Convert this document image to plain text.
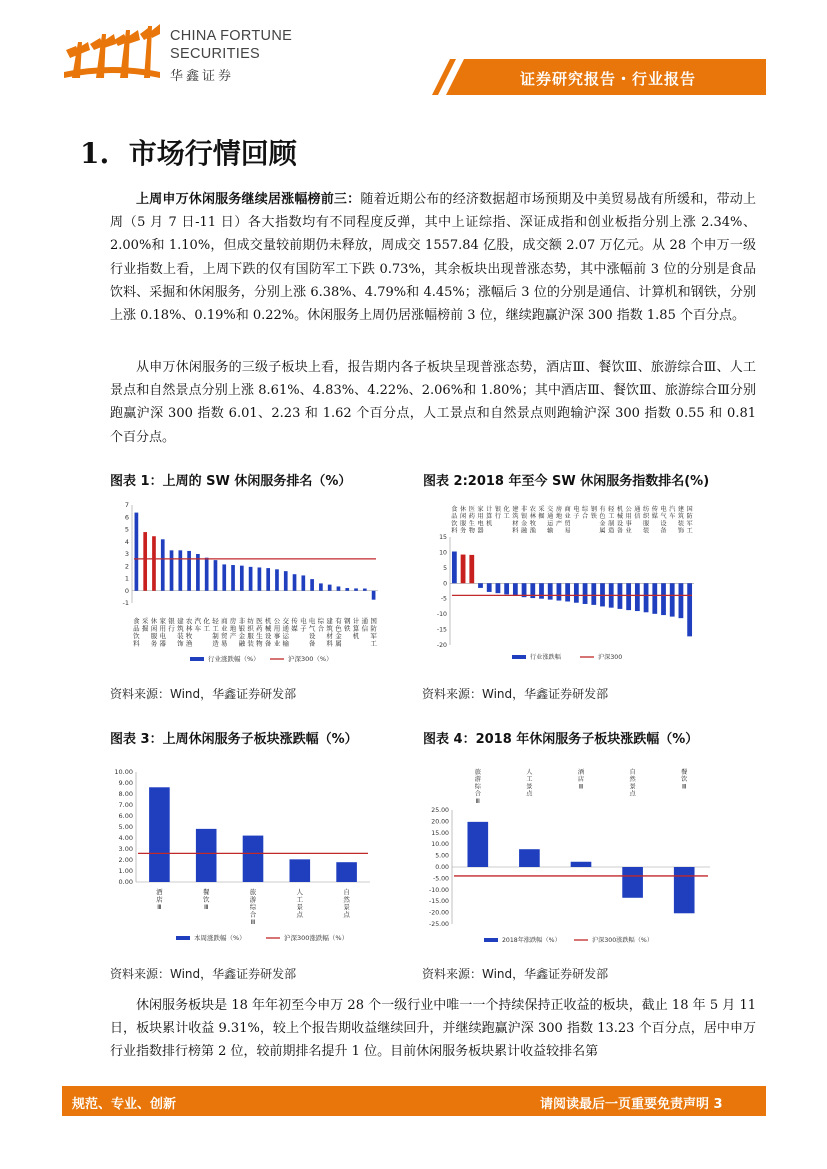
CHINA FORTUNE
SECURITIES
华鑫证券	证券研究报告・行业报告
1.  市场行情回顾
上周申万休闲服务继续居涨幅榜前三：随着近期公布的经济数据超市场预期及中美贸易战有所缓和，带动上周（5 月 7 日-11 日）各大指数均有不同程度反弹，其中上证综指、深证成指和创业板指分别上涨 2.34%、2.00%和 1.10%，但成交量较前期仍未释放，周成交 1557.84 亿股，成交额 2.07 万亿元。从 28 个申万一级行业指数上看，上周下跌的仅有国防军工下跌 0.73%，其余板块出现普涨态势，其中涨幅前 3 位的分别是食品饮料、采掘和休闲服务，分别上涨 6.38%、4.79%和 4.45%；涨幅后 3 位的分别是通信、计算机和钢铁，分别上涨 0.18%、0.19%和 0.22%。休闲服务上周仍居涨幅榜前 3 位，继续跑赢沪深 300 指数 1.85 个百分点。
从申万休闲服务的三级子板块上看，报告期内各子板块呈现普涨态势，酒店Ⅲ、餐饮Ⅲ、旅游综合Ⅲ、人工景点和自然景点分别上涨 8.61%、4.83%、4.22%、2.06%和 1.80%；其中酒店Ⅲ、餐饮Ⅲ、旅游综合Ⅲ分别跑赢沪深 300 指数 6.01、2.23 和 1.62 个百分点，人工景点和自然景点则跑输沪深 300 指数 0.55 和 0.81 个百分点。
图表 1：上周的 SW 休闲服务排名（%）	图表 2:2018 年至今 SW 休闲服务指数排名(%)
-1
0
1
2
3
4
5
6
7
食品饮料
采掘
休闲服务
家用电器
银行
建筑装饰
农林牧渔
汽车
化工
轻工制造
商业贸易
房地产
非银金融
纺织服装
医药生物
机械设备
公用事业
交通运输
传媒
电子
电气设备
综合
建筑材料
有色金属
钢铁
计算机
通信
国防军工
行业涨跌幅（%）	沪深300（%）
15
10
5
0
-5
-10
-15
-20
食品饮料
休闲服务
医药生物
家用电器
计算机
银行
化工
建筑材料
非银金融
农林牧渔
采掘
交通运输
房地产
商业贸易
电子
综合
钢铁
有色金属
轻工制造
机械设备
公用事业
通信
纺织服装
传媒
电气设备
汽车
建筑装饰
国防军工
行业涨跌幅	沪深300
资料来源：Wind，华鑫证券研发部	资料来源：Wind，华鑫证券研发部
图表 3：上周休闲服务子板块涨跌幅（%）	图表 4：2018 年休闲服务子板块涨跌幅（%）
10.00
9.00
8.00
7.00
6.00
5.00
4.00
3.00
2.00
1.00
0.00
酒店 Ⅲ
餐饮 Ⅲ
旅游综合 Ⅲ
人工景点
自然景点
本周涨跌幅（%）	沪深300涨跌幅（%）
25.00
20.00
15.00
10.00
5.00
0.00
-5.00
-10.00
-15.00
-20.00
-25.00
旅游综合 Ⅲ
人工景点
酒店 Ⅲ
自然景点
餐饮 Ⅲ
2018年涨跌幅（%）	沪深300涨跌幅（%）
资料来源：Wind，华鑫证券研发部	资料来源：Wind，华鑫证券研发部
休闲服务板块是 18 年年初至今申万 28 个一级行业中唯一一个持续保持正收益的板块，截止 18 年 5 月 11 日，板块累计收益 9.31%，较上个报告期收益继续回升，并继续跑赢沪深 300 指数 13.23 个百分点，居中申万行业指数排行榜第 2 位，较前期排名提升 1 位。目前休闲服务板块累计收益较排名第
规范、专业、创新	请阅读最后一页重要免责声明 3
